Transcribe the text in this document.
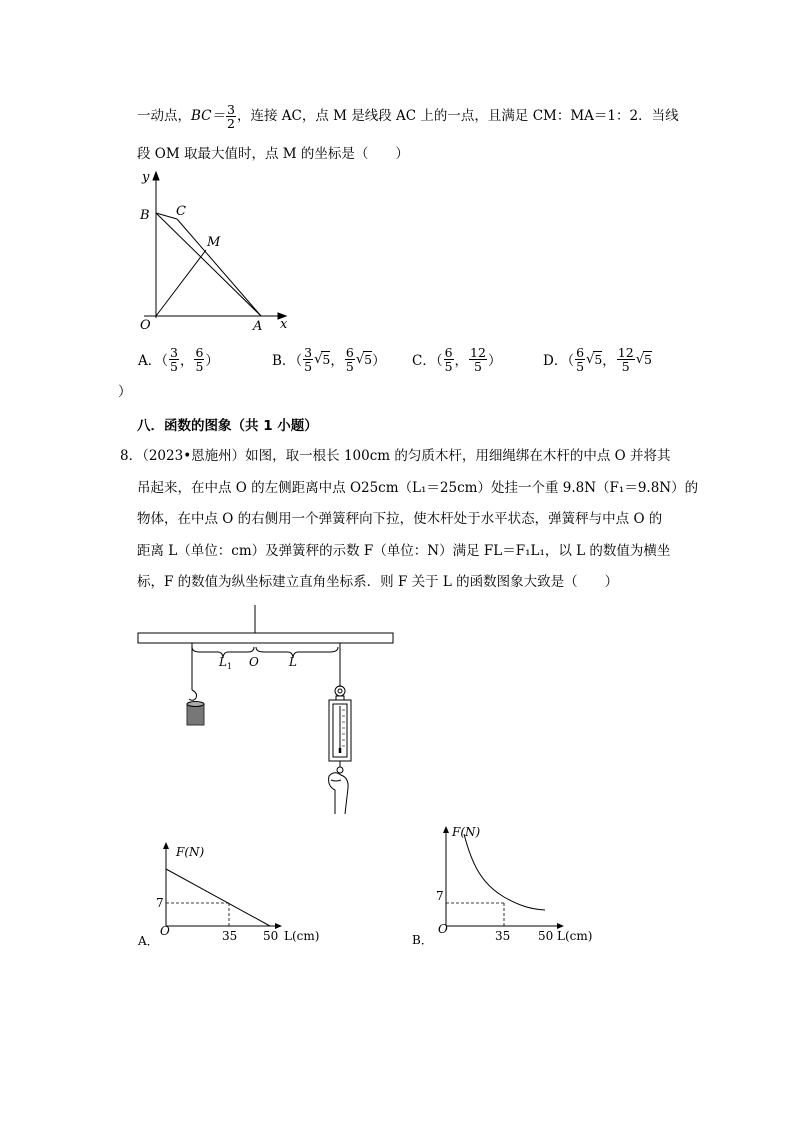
一动点，$BC= \frac{3}{2}$ ，连接 AC，点 M 是线段 AC 上的一点，且满足 CM：MA＝1：2．当线
段 OM 取最大值时，点 M 的坐标是（　　）
y
x
B C
M
O	A
A．（ $\frac{3}{5}$ ， $\frac{6}{5}$ ）	B．（ $\frac{3}{5}$ √ 5 ， $\frac{6}{5}$ √ 5 ） C．（ $\frac{6}{5}$ ， $\frac{12}{5}$ ）	D．（ $\frac{6}{5}$ √ 5 ， $\frac{12}{5}$ √ 5
）
八．函数的图象（共 1 小题）
8．（2023•恩施州）如图，取一根长 100cm 的匀质木杆，用细绳绑在木杆的中点 O 并将其
吊起来，在中点 O 的左侧距离中点 O25cm（L₁＝25cm）处挂一个重 9.8N（F₁＝9.8N）的
物体，在中点 O 的右侧用一个弹簧秤向下拉，使木杆处于水平状态，弹簧秤与中点 O 的
距离 L（单位：cm）及弹簧秤的示数 F（单位：N）满足 FL＝F₁L₁，以 L 的数值为横坐
标，F 的数值为纵坐标建立直角坐标系．则 F 关于 L 的函数图象大致是（　　）
$L_1$ O	L
F(N)
O
7
35 50 L(cm)
A．
F(N)
O
7
35 50 L(cm)
B．
